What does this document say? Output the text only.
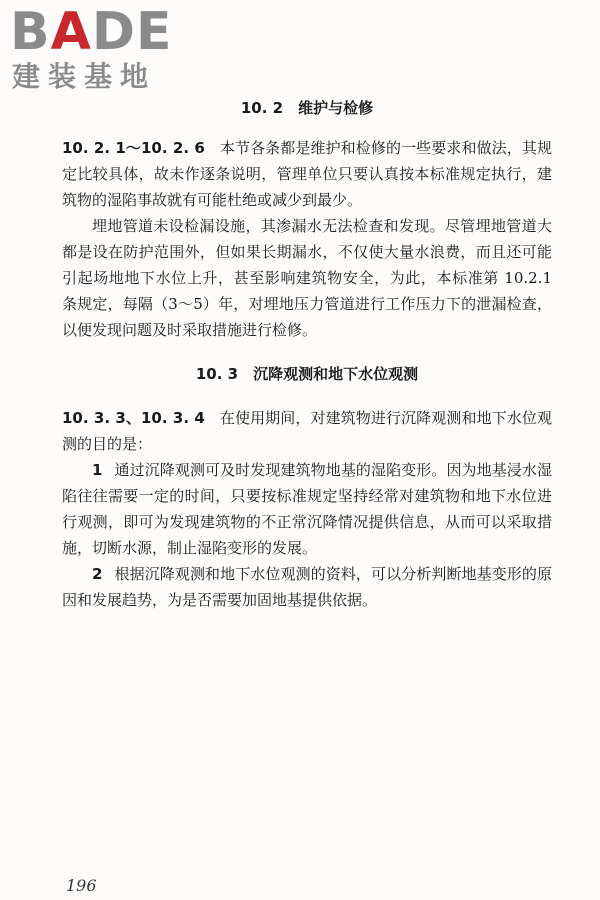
BADE
建装基地

10. 2　维护与检修

10. 2. 1～10. 2. 6 本节各条都是维护和检修的一些要求和做法，其规定比较具体，故未作逐条说明，管理单位只要认真按本标准规定执行，建筑物的湿陷事故就有可能杜绝或减少到最少。

埋地管道未设检漏设施，其渗漏水无法检查和发现。尽管埋地管道大都是设在防护范围外，但如果长期漏水，不仅使大量水浪费，而且还可能引起场地地下水位上升，甚至影响建筑物安全，为此，本标准第 10.2.1 条规定，每隔（3～5）年，对埋地压力管道进行工作压力下的泄漏检查，以便发现问题及时采取措施进行检修。

10. 3　沉降观测和地下水位观测

10. 3. 3、10. 3. 4 在使用期间，对建筑物进行沉降观测和地下水位观测的目的是：

1 通过沉降观测可及时发现建筑物地基的湿陷变形。因为地基浸水湿陷往往需要一定的时间，只要按标准规定坚持经常对建筑物和地下水位进行观测，即可为发现建筑物的不正常沉降情况提供信息，从而可以采取措施，切断水源，制止湿陷变形的发展。

2 根据沉降观测和地下水位观测的资料，可以分析判断地基变形的原因和发展趋势，为是否需要加固地基提供依据。

196
